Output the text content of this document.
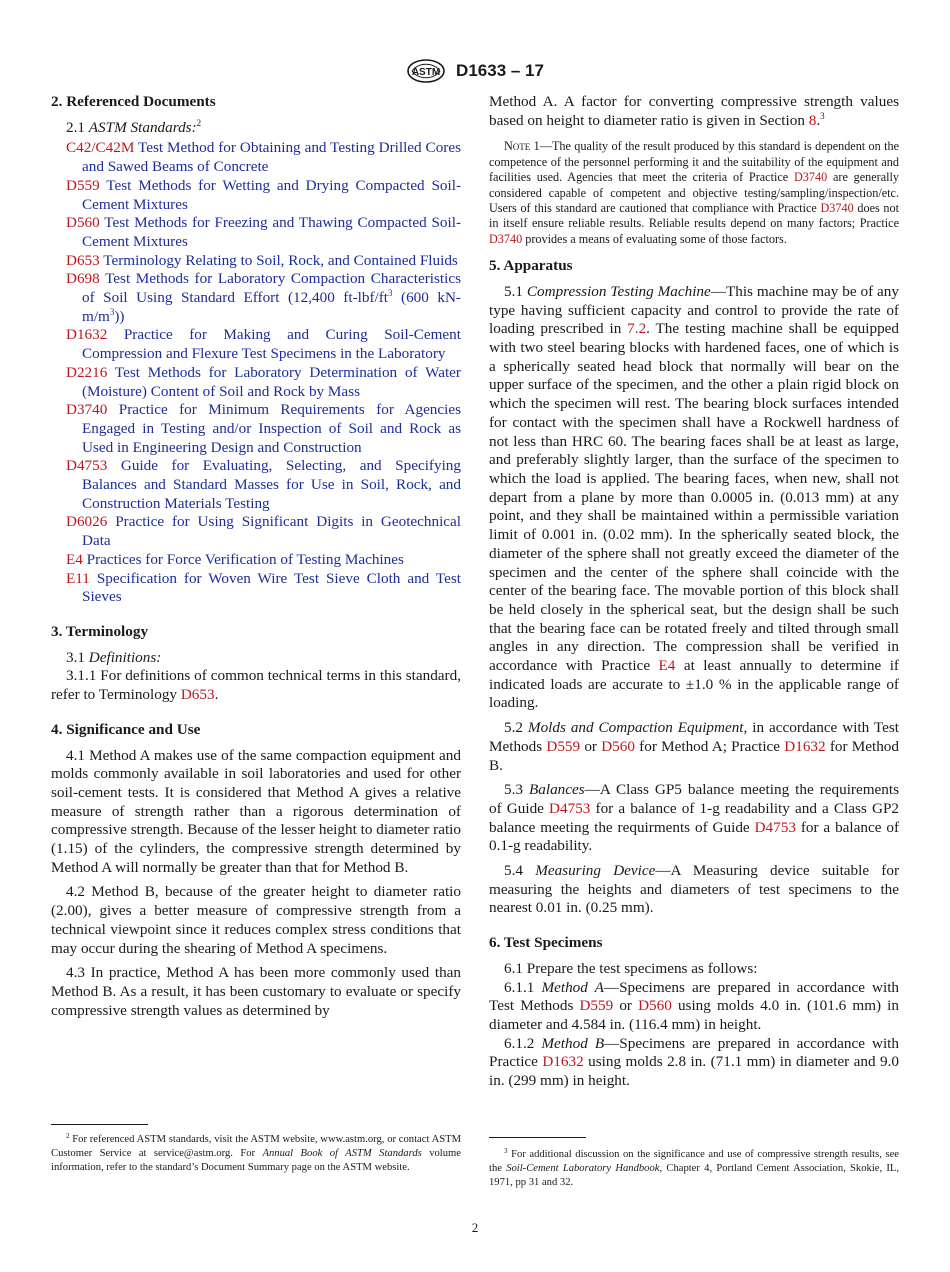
ASTM D1633 – 17
2. Referenced Documents

2.1 ASTM Standards:$^2$

C42/C42M Test Method for Obtaining and Testing Drilled Cores and Sawed Beams of Concrete
D559 Test Methods for Wetting and Drying Compacted Soil-Cement Mixtures
D560 Test Methods for Freezing and Thawing Compacted Soil-Cement Mixtures
D653 Terminology Relating to Soil, Rock, and Contained Fluids
D698 Test Methods for Laboratory Compaction Characteristics of Soil Using Standard Effort (12,400 $ft-lbf/ft^3$ (600 $kN-m/m^3$))
D1632 Practice for Making and Curing Soil-Cement Compression and Flexure Test Specimens in the Laboratory
D2216 Test Methods for Laboratory Determination of Water (Moisture) Content of Soil and Rock by Mass
D3740 Practice for Minimum Requirements for Agencies Engaged in Testing and/or Inspection of Soil and Rock as Used in Engineering Design and Construction
D4753 Guide for Evaluating, Selecting, and Specifying Balances and Standard Masses for Use in Soil, Rock, and Construction Materials Testing
D6026 Practice for Using Significant Digits in Geotechnical Data
E4 Practices for Force Verification of Testing Machines
E11 Specification for Woven Wire Test Sieve Cloth and Test Sieves
3. Terminology

3.1 Definitions:

3.1.1 For definitions of common technical terms in this standard, refer to Terminology D653.

4. Significance and Use

4.1 Method A makes use of the same compaction equipment and molds commonly available in soil laboratories and used for other soil-cement tests. It is considered that Method A gives a relative measure of strength rather than a rigorous determination of compressive strength. Because of the lesser height to diameter ratio (1.15) of the cylinders, the compressive strength determined by Method A will normally be greater than that for Method B.

4.2 Method B, because of the greater height to diameter ratio (2.00), gives a better measure of compressive strength from a technical viewpoint since it reduces complex stress conditions that may occur during the shearing of Method A specimens.

4.3 In practice, Method A has been more commonly used than Method B. As a result, it has been customary to evaluate or specify compressive strength values as determined by

$^2$ For referenced ASTM standards, visit the ASTM website, www.astm.org, or contact ASTM Customer Service at service@astm.org. For Annual Book of ASTM Standards volume information, refer to the standard’s Document Summary page on the ASTM website.

Method A. A factor for converting compressive strength values based on height to diameter ratio is given in Section 8.$^3$

Note 1—The quality of the result produced by this standard is dependent on the competence of the personnel performing it and the suitability of the equipment and facilities used. Agencies that meet the criteria of Practice D3740 are generally considered capable of competent and objective testing/sampling/inspection/etc. Users of this standard are cautioned that compliance with Practice D3740 does not in itself ensure reliable results. Reliable results depend on many factors; Practice D3740 provides a means of evaluating some of those factors.

5. Apparatus

5.1 Compression Testing Machine—This machine may be of any type having sufficient capacity and control to provide the rate of loading prescribed in 7.2. The testing machine shall be equipped with two steel bearing blocks with hardened faces, one of which is a spherically seated head block that normally will bear on the upper surface of the specimen, and the other a plain rigid block on which the specimen will rest. The bearing block surfaces intended for contact with the specimen shall have a Rockwell hardness of not less than HRC 60. The bearing faces shall be at least as large, and preferably slightly larger, than the surface of the specimen to which the load is applied. The bearing faces, when new, shall not depart from a plane by more than 0.0005 in. (0.013 mm) at any point, and they shall be maintained within a permissible variation limit of 0.001 in. (0.02 mm). In the spherically seated block, the diameter of the sphere shall not greatly exceed the diameter of the specimen and the center of the sphere shall coincide with the center of the bearing face. The movable portion of this block shall be held closely in the spherical seat, but the design shall be such that the bearing face can be rotated freely and tilted through small angles in any direction. The compression shall be verified in accordance with Practice E4 at least annually to determine if indicated loads are accurate to ±1.0 % in the applicable range of loading.

5.2 Molds and Compaction Equipment, in accordance with Test Methods D559 or D560 for Method A; Practice D1632 for Method B.

5.3 Balances—A Class GP5 balance meeting the requirements of Guide D4753 for a balance of 1-g readability and a Class GP2 balance meeting the requirments of Guide D4753 for a balance of 0.1-g readability.

5.4 Measuring Device—A Measuring device suitable for measuring the heights and diameters of test specimens to the nearest 0.01 in. (0.25 mm).

6. Test Specimens

6.1 Prepare the test specimens as follows:

6.1.1 Method A—Specimens are prepared in accordance with Test Methods D559 or D560 using molds 4.0 in. (101.6 mm) in diameter and 4.584 in. (116.4 mm) in height.

6.1.2 Method B—Specimens are prepared in accordance with Practice D1632 using molds 2.8 in. (71.1 mm) in diameter and 9.0 in. (299 mm) in height.

$^3$ For additional discussion on the significance and use of compressive strength results, see the Soil-Cement Laboratory Handbook, Chapter 4, Portland Cement Association, Skokie, IL, 1971, pp 31 and 32.
2
